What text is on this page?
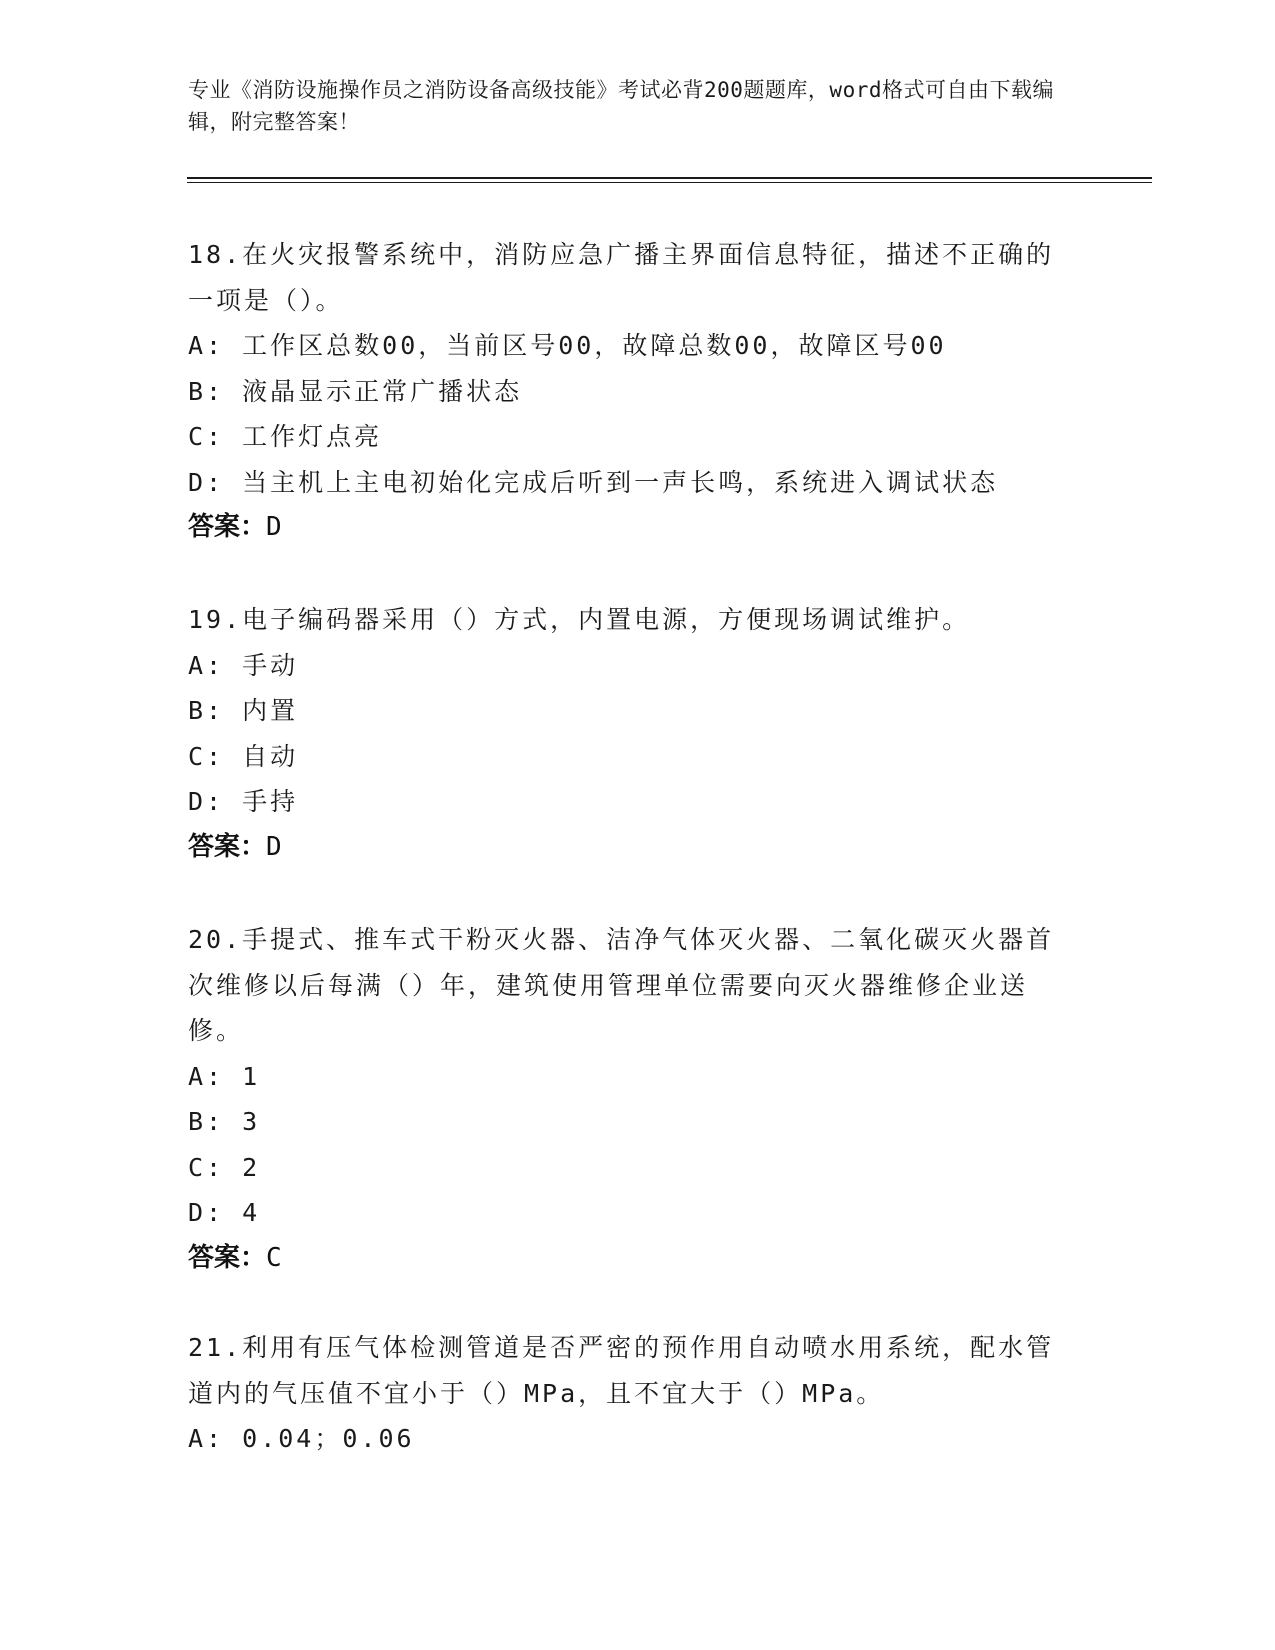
专业《消防设施操作员之消防设备高级技能》考试必背200题题库，word格式可自由下载编辑，附完整答案！

18.在火灾报警系统中，消防应急广播主界面信息特征，描述不正确的一项是（）。

A: 工作区总数00，当前区号00，故障总数00，故障区号00

B: 液晶显示正常广播状态

C: 工作灯点亮

D: 当主机上主电初始化完成后听到一声长鸣，系统进入调试状态

答案：D

19.电子编码器采用（）方式，内置电源，方便现场调试维护。

A: 手动

B: 内置

C: 自动

D: 手持

答案：D

20.手提式、推车式干粉灭火器、洁净气体灭火器、二氧化碳灭火器首次维修以后每满（）年，建筑使用管理单位需要向灭火器维修企业送修。

A: 1

B: 3

C: 2

D: 4

答案：C

21.利用有压气体检测管道是否严密的预作用自动喷水用系统，配水管道内的气压值不宜小于（）MPa，且不宜大于（）MPa。

A: 0.04；0.06
